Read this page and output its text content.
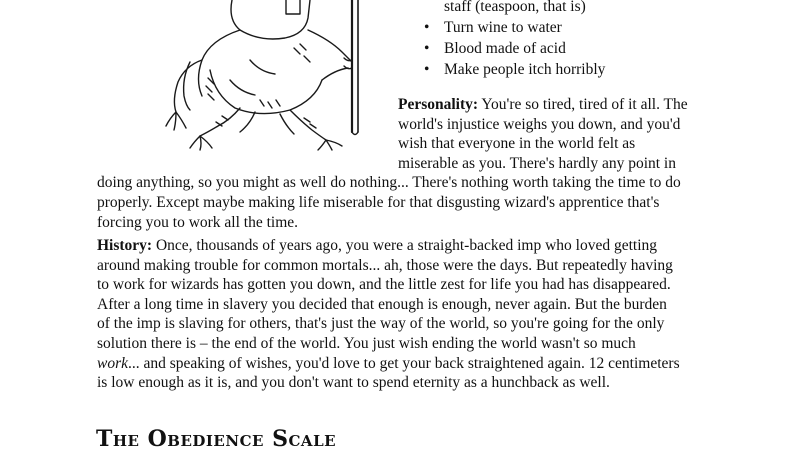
staff (teaspoon, that is)
• Turn wine to water
• Blood made of acid
• Make people itch horribly
Personality: You're so tired, tired of it all. The
world's injustice weighs you down, and you'd
wish that everyone in the world felt as
miserable as you. There's hardly any point in
doing anything, so you might as well do nothing... There's nothing worth taking the time to do
properly. Except maybe making life miserable for that disgusting wizard's apprentice that's
forcing you to work all the time.
History: Once, thousands of years ago, you were a straight-backed imp who loved getting
around making trouble for common mortals... ah, those were the days. But repeatedly having
to work for wizards has gotten you down, and the little zest for life you had has disappeared.
After a long time in slavery you decided that enough is enough, never again. But the burden
of the imp is slaving for others, that's just the way of the world, so you're going for the only
solution there is – the end of the world. You just wish ending the world wasn't so much
work... and speaking of wishes, you'd love to get your back straightened again. 12 centimeters
is low enough as it is, and you don't want to spend eternity as a hunchback as well.
The Obedience Scale
